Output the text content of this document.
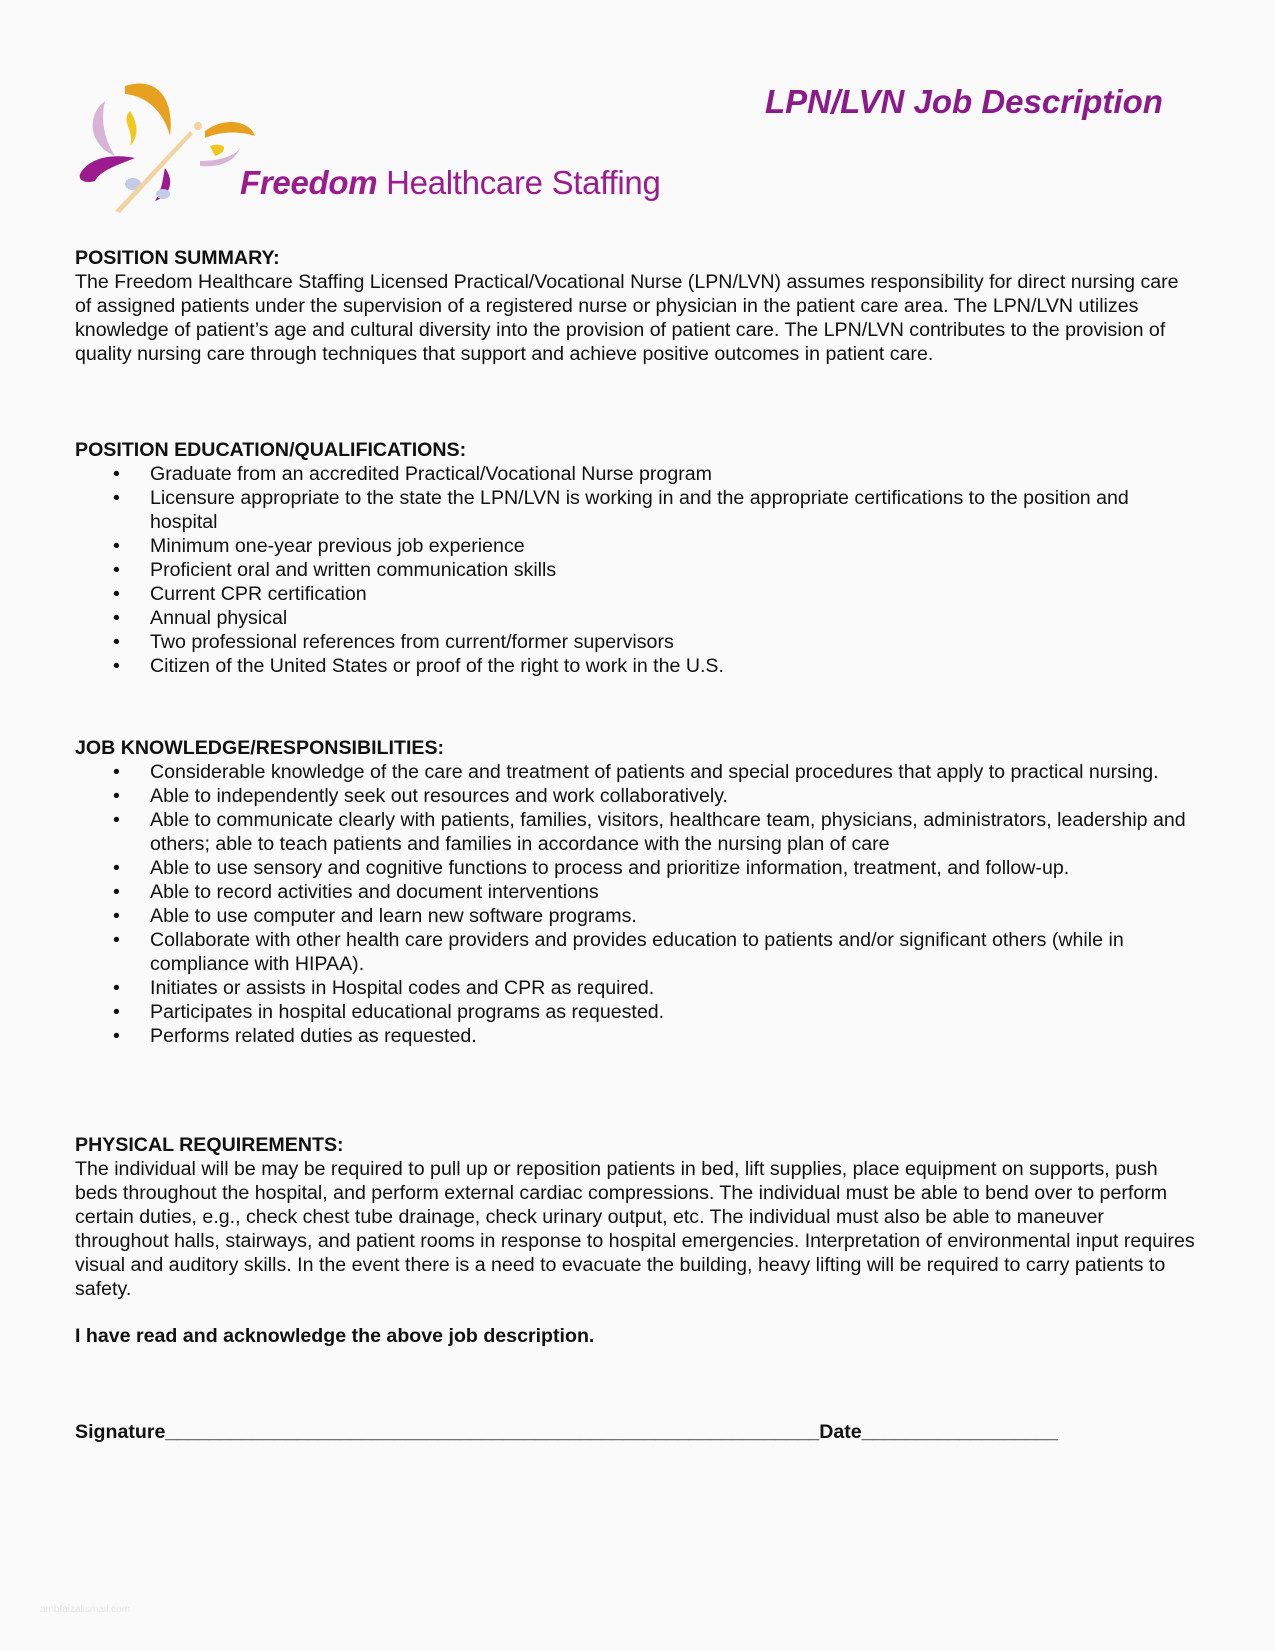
LPN/LVN Job Description
Freedom Healthcare Staffing
POSITION SUMMARY:
The Freedom Healthcare Staffing Licensed Practical/Vocational Nurse (LPN/LVN) assumes responsibility for direct nursing care of assigned patients under the supervision of a registered nurse or physician in the patient care area. The LPN/LVN utilizes knowledge of patient’s age and cultural diversity into the provision of patient care. The LPN/LVN contributes to the provision of quality nursing care through techniques that support and achieve positive outcomes in patient care.
POSITION EDUCATION/QUALIFICATIONS:
• Graduate from an accredited Practical/Vocational Nurse program
• Licensure appropriate to the state the LPN/LVN is working in and the appropriate certifications to the position and hospital
• Minimum one-year previous job experience
• Proficient oral and written communication skills
• Current CPR certification
• Annual physical
• Two professional references from current/former supervisors
• Citizen of the United States or proof of the right to work in the U.S.
JOB KNOWLEDGE/RESPONSIBILITIES:
• Considerable knowledge of the care and treatment of patients and special procedures that apply to practical nursing.
• Able to independently seek out resources and work collaboratively.
• Able to communicate clearly with patients, families, visitors, healthcare team, physicians, administrators, leadership and others; able to teach patients and families in accordance with the nursing plan of care
• Able to use sensory and cognitive functions to process and prioritize information, treatment, and follow-up.
• Able to record activities and document interventions
• Able to use computer and learn new software programs.
• Collaborate with other health care providers and provides education to patients and/or significant others (while in compliance with HIPAA).
• Initiates or assists in Hospital codes and CPR as required.
• Participates in hospital educational programs as requested.
• Performs related duties as requested.
PHYSICAL REQUIREMENTS:
The individual will be may be required to pull up or reposition patients in bed, lift supplies, place equipment on supports, push beds throughout the hospital, and perform external cardiac compressions. The individual must be able to bend over to perform certain duties, e.g., check chest tube drainage, check urinary output, etc. The individual must also be able to maneuver throughout halls, stairways, and patient rooms in response to hospital emergencies. Interpretation of environmental input requires visual and auditory skills. In the event there is a need to evacuate the building, heavy lifting will be required to carry patients to safety.
I have read and acknowledge the above job description.
Signature____________________________________________________________Date__________________
ambfaizalismail.com
